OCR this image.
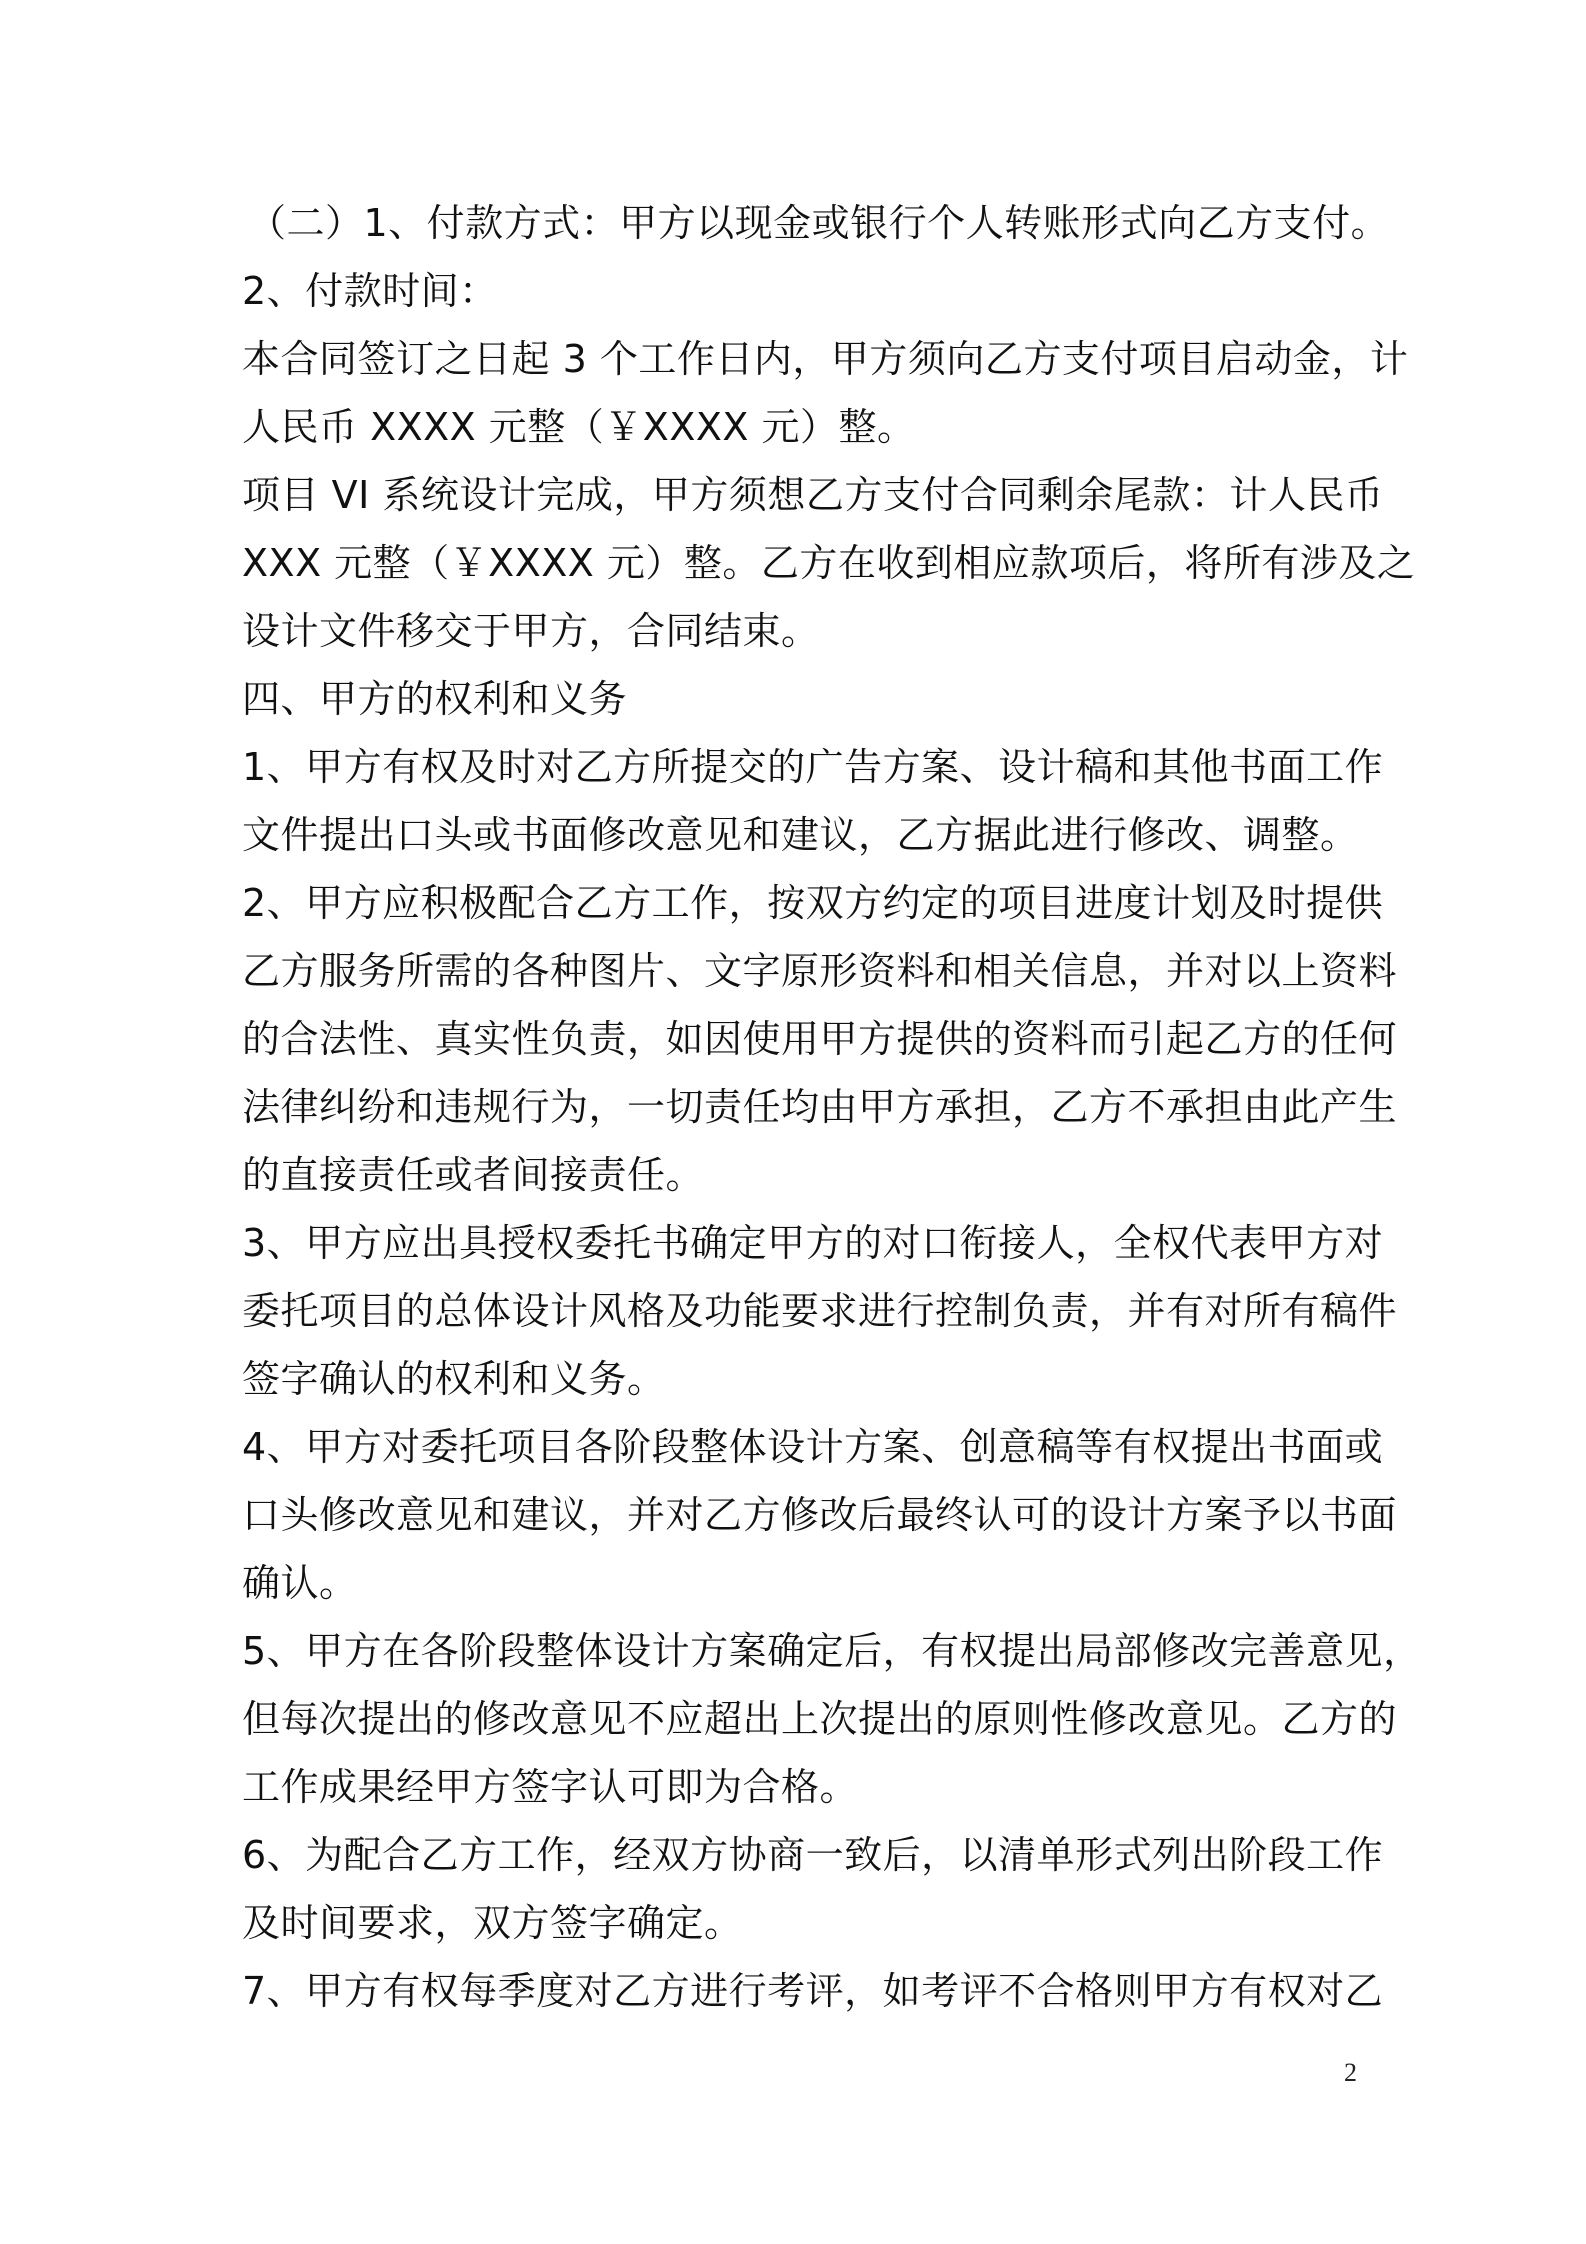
（二）1、付款方式：甲方以现金或银行个人转账形式向乙方支付。
2、付款时间：
本合同签订之日起 3 个工作日内，甲方须向乙方支付项目启动金，计
人民币 XXXX 元整（￥XXXX 元）整。
项目 VI 系统设计完成，甲方须想乙方支付合同剩余尾款：计人民币
XXX 元整（￥XXXX 元）整。乙方在收到相应款项后，将所有涉及之
设计文件移交于甲方，合同结束。
四、甲方的权利和义务
1、甲方有权及时对乙方所提交的广告方案、设计稿和其他书面工作
文件提出口头或书面修改意见和建议，乙方据此进行修改、调整。
2、甲方应积极配合乙方工作，按双方约定的项目进度计划及时提供
乙方服务所需的各种图片、文字原形资料和相关信息，并对以上资料
的合法性、真实性负责，如因使用甲方提供的资料而引起乙方的任何
法律纠纷和违规行为，一切责任均由甲方承担，乙方不承担由此产生
的直接责任或者间接责任。
3、甲方应出具授权委托书确定甲方的对口衔接人，全权代表甲方对
委托项目的总体设计风格及功能要求进行控制负责，并有对所有稿件
签字确认的权利和义务。
4、甲方对委托项目各阶段整体设计方案、创意稿等有权提出书面或
口头修改意见和建议，并对乙方修改后最终认可的设计方案予以书面
确认。
5、甲方在各阶段整体设计方案确定后，有权提出局部修改完善意见，
但每次提出的修改意见不应超出上次提出的原则性修改意见。乙方的
工作成果经甲方签字认可即为合格。
6、为配合乙方工作，经双方协商一致后，以清单形式列出阶段工作
及时间要求，双方签字确定。
7、甲方有权每季度对乙方进行考评，如考评不合格则甲方有权对乙
2
